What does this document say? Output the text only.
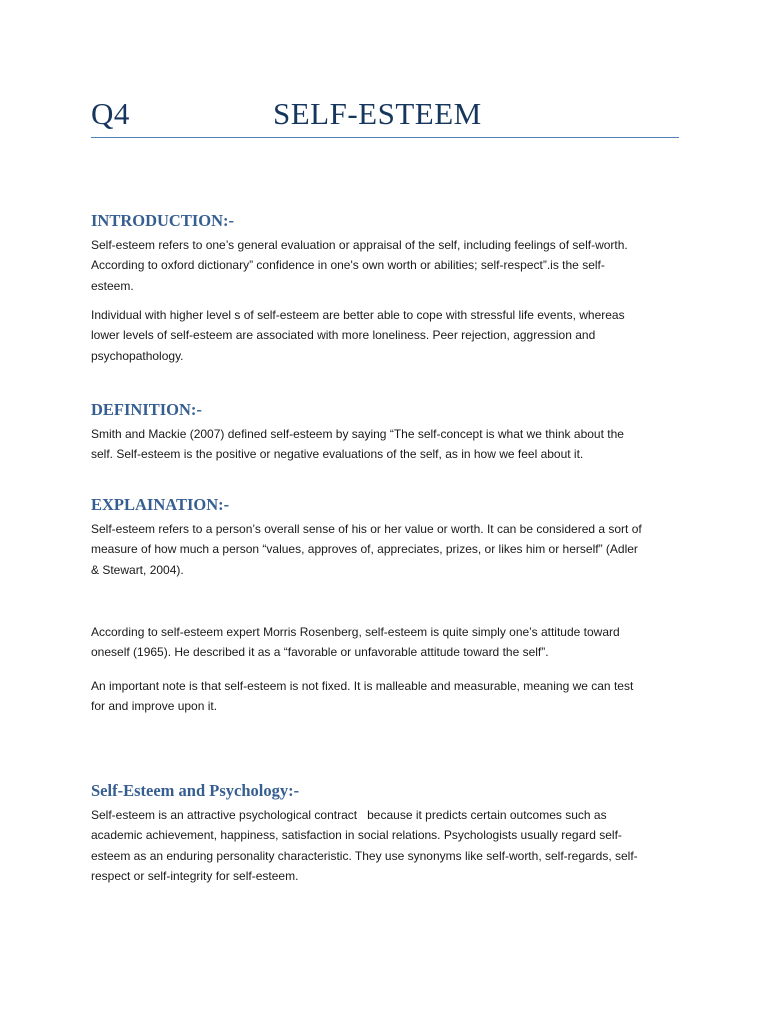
Q4	SELF-ESTEEM
INTRODUCTION:-

Self-esteem refers to one’s general evaluation or appraisal of the self, including feelings of self-worth.
According to oxford dictionary” confidence in one's own worth or abilities; self-respect”.is the self-
esteem.

Individual with higher level s of self-esteem are better able to cope with stressful life events, whereas
lower levels of self-esteem are associated with more loneliness. Peer rejection, aggression and
psychopathology.

DEFINITION:-

Smith and Mackie (2007) defined self-esteem by saying “The self-concept is what we think about the
self. Self-esteem is the positive or negative evaluations of the self, as in how we feel about it.

EXPLAINATION:-

Self-esteem refers to a person’s overall sense of his or her value or worth. It can be considered a sort of
measure of how much a person “values, approves of, appreciates, prizes, or likes him or herself” (Adler
& Stewart, 2004).

According to self-esteem expert Morris Rosenberg, self-esteem is quite simply one’s attitude toward
oneself (1965). He described it as a “favorable or unfavorable attitude toward the self”.

An important note is that self-esteem is not fixed. It is malleable and measurable, meaning we can test
for and improve upon it.

Self-Esteem and Psychology:-

Self-esteem is an attractive psychological contract   because it predicts certain outcomes such as
academic achievement, happiness, satisfaction in social relations. Psychologists usually regard self-
esteem as an enduring personality characteristic. They use synonyms like self-worth, self-regards, self-
respect or self-integrity for self-esteem.
